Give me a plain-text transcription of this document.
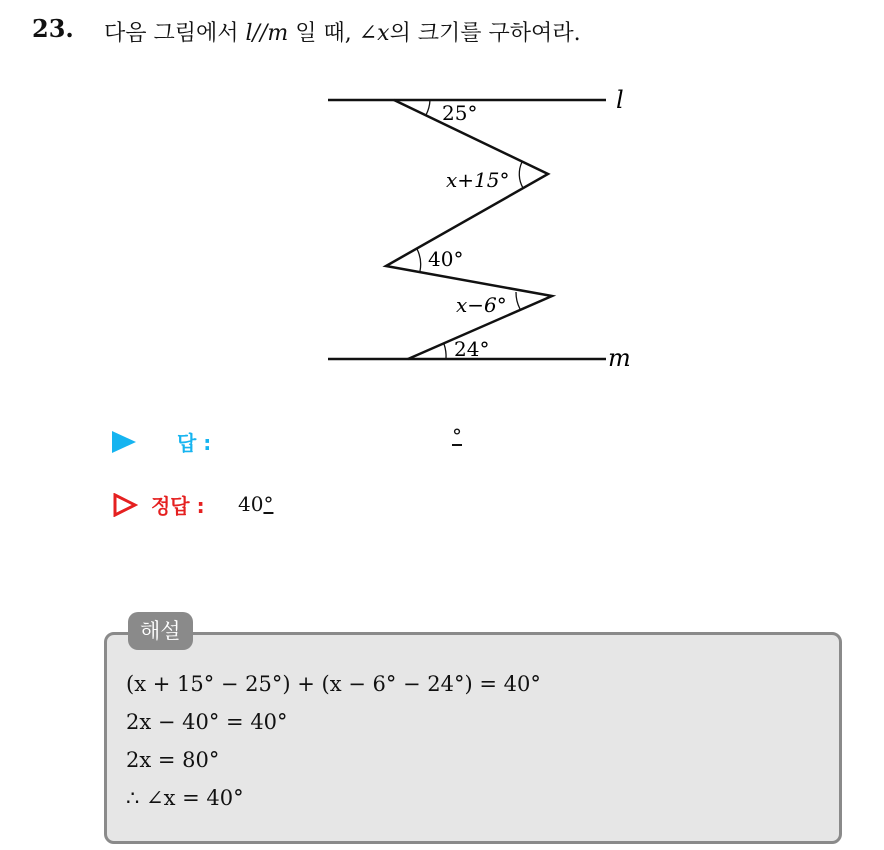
23. 다음 그림에서 l//m 일 때, ∠x의 크기를 구하여라.
l
m
25°
x+15°
40°
x−6°
24°
답 :	°
정답 : 40°
해설
(x + 15° − 25°) + (x − 6° − 24°) = 40°
2x − 40° = 40°
2x = 80°
∴ ∠x = 40°
